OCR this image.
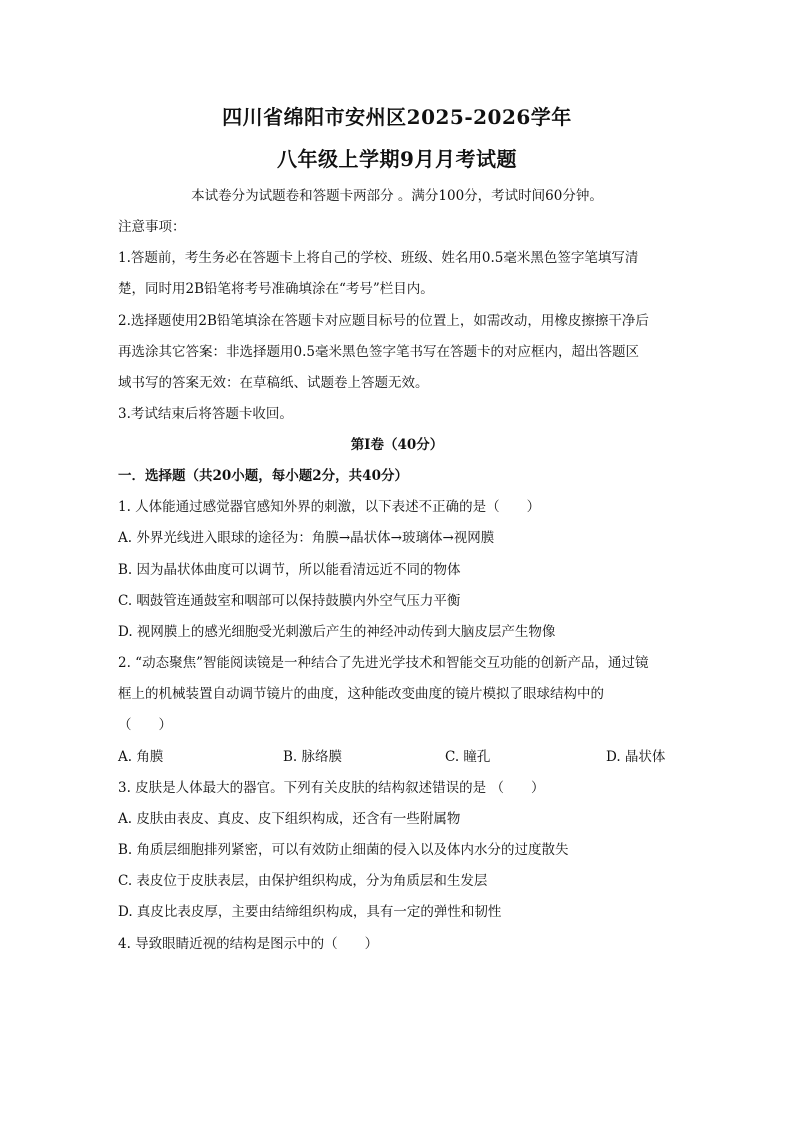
四川省绵阳市安州区2025-2026学年
八年级上学期9月月考试题
本试卷分为试题卷和答题卡两部分 。满分100分，考试时间60分钟。
注意事项：
1.答题前，考生务必在答题卡上将自己的学校、班级、姓名用0.5毫米黑色签字笔填写清
楚，同时用2B铅笔将考号准确填涂在“考号”栏目内。
2.选择题使用2B铅笔填涂在答题卡对应题目标号的位置上，如需改动，用橡皮擦擦干净后
再选涂其它答案：非选择题用0.5毫米黑色签字笔书写在答题卡的对应框内，超出答题区
域书写的答案无效：在草稿纸、试题卷上答题无效。
3.考试结束后将答题卡收回。
第I卷（40分）
一．选择题（共20小题，每小题2分，共40分）
1. 人体能通过感觉器官感知外界的刺激，以下表述不正确的是（　　）
A. 外界光线进入眼球的途径为：角膜→晶状体→玻璃体→视网膜
B. 因为晶状体曲度可以调节，所以能看清远近不同的物体
C. 咽鼓管连通鼓室和咽部可以保持鼓膜内外空气压力平衡
D. 视网膜上的感光细胞受光刺激后产生的神经冲动传到大脑皮层产生物像
2. “动态聚焦”智能阅读镜是一种结合了先进光学技术和智能交互功能的创新产品，通过镜
框上的机械装置自动调节镜片的曲度，这种能改变曲度的镜片模拟了眼球结构中的
（　　）
A. 角膜	B. 脉络膜	C. 瞳孔	D. 晶状体
3. 皮肤是人体最大的器官。下列有关皮肤的结构叙述错误的是 （　　）
A. 皮肤由表皮、真皮、皮下组织构成，还含有一些附属物
B. 角质层细胞排列紧密，可以有效防止细菌的侵入以及体内水分的过度散失
C. 表皮位于皮肤表层，由保护组织构成，分为角质层和生发层
D. 真皮比表皮厚，主要由结缔组织构成，具有一定的弹性和韧性
4. 导致眼睛近视的结构是图示中的（　　）
